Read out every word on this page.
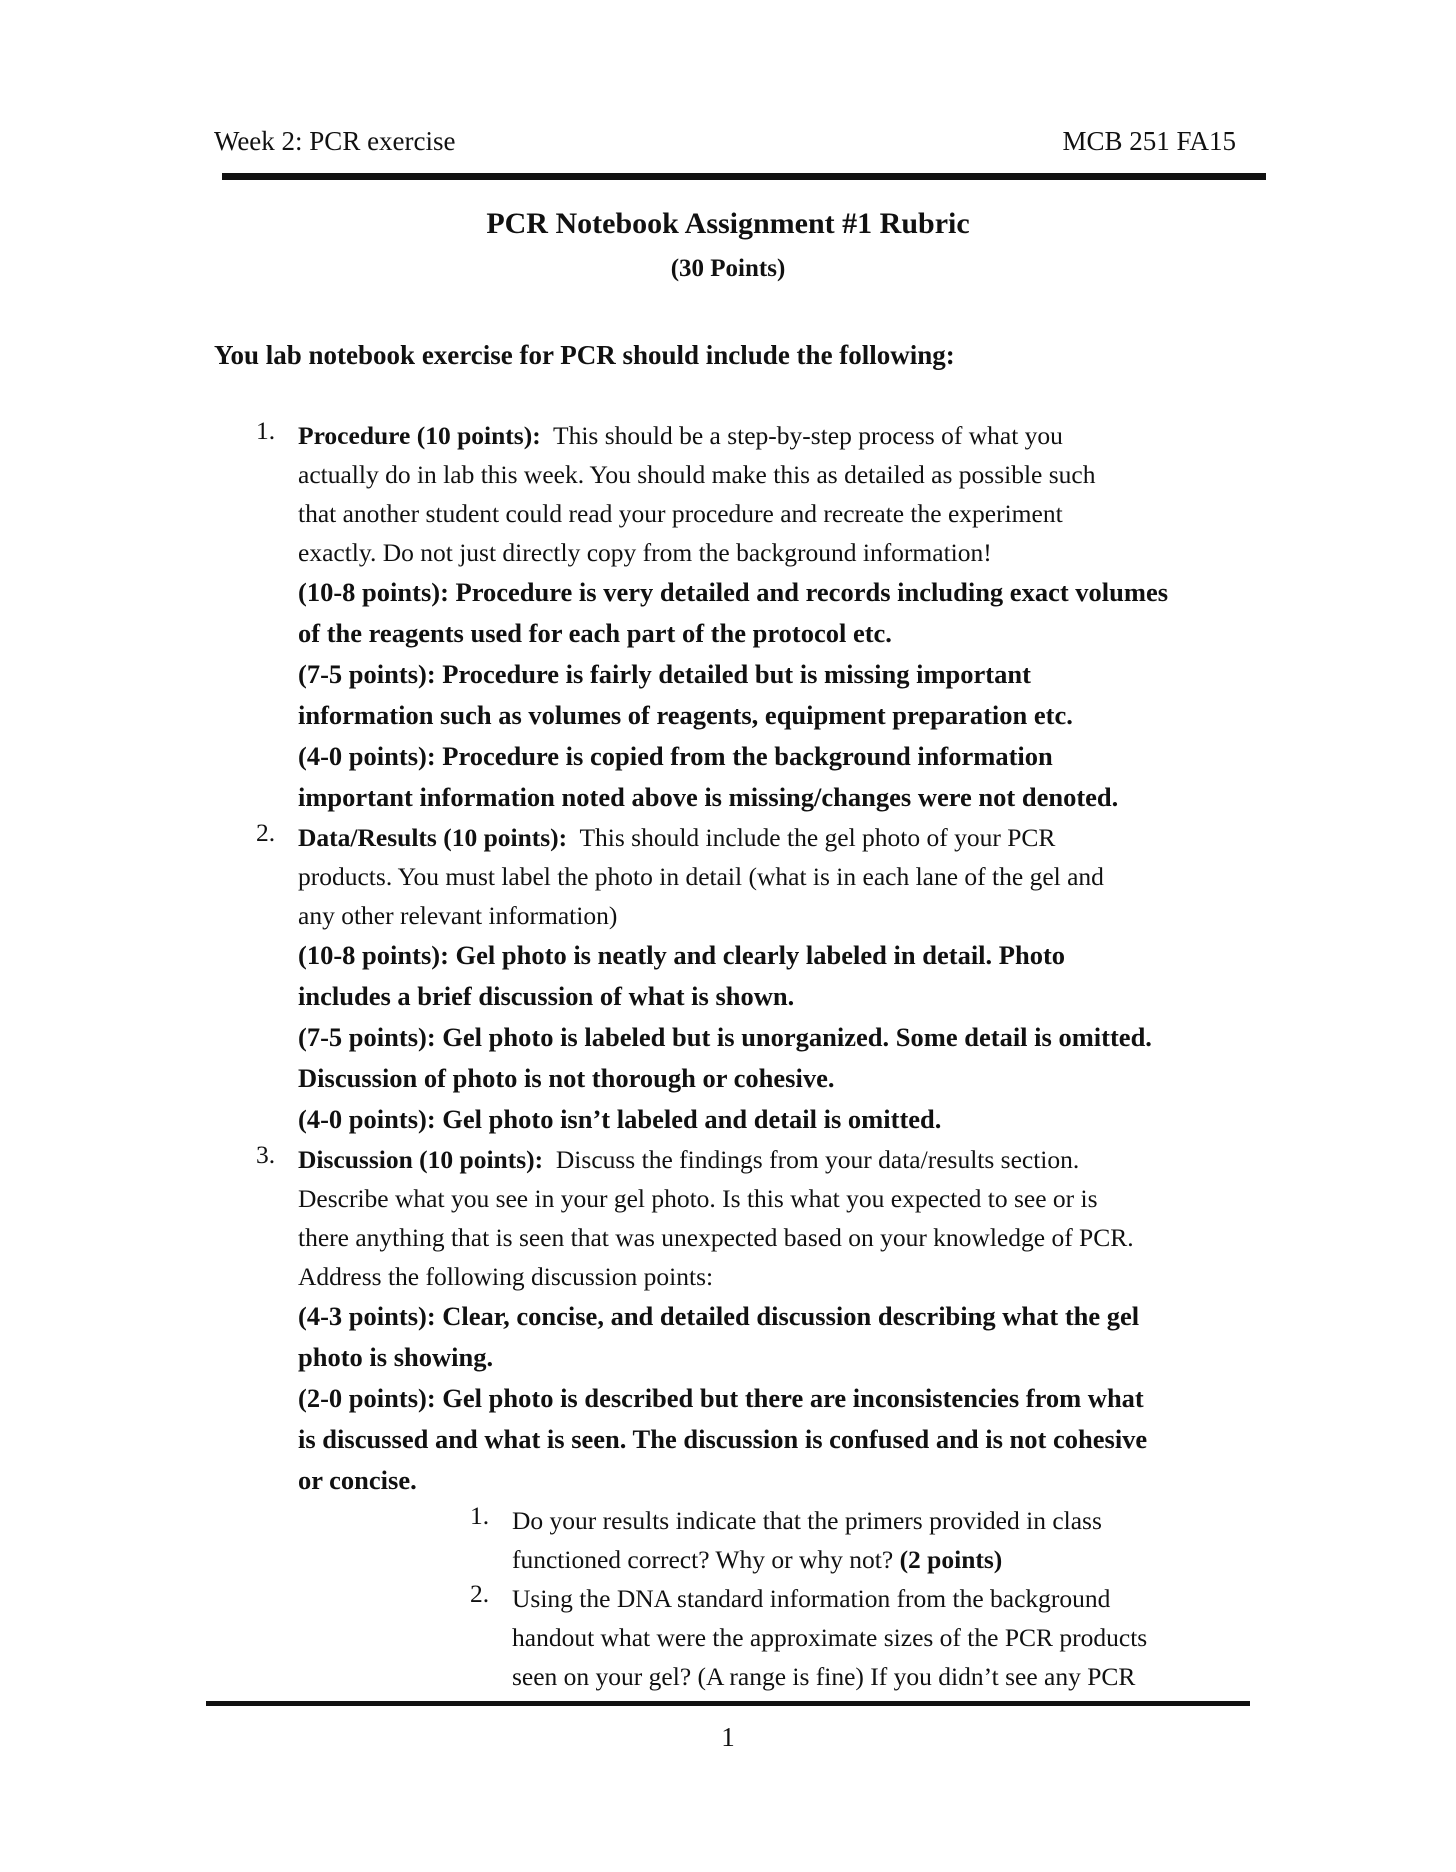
Week 2: PCR exercise	MCB 251 FA15
PCR Notebook Assignment #1 Rubric
(30 Points)
You lab notebook exercise for PCR should include the following:
1. Procedure (10 points): This should be a step-by-step process of what you
actually do in lab this week. You should make this as detailed as possible such
that another student could read your procedure and recreate the experiment
exactly. Do not just directly copy from the background information!
(10-8 points): Procedure is very detailed and records including exact volumes
of the reagents used for each part of the protocol etc.
(7-5 points): Procedure is fairly detailed but is missing important
information such as volumes of reagents, equipment preparation etc.
(4-0 points): Procedure is copied from the background information
important information noted above is missing/changes were not denoted.
2. Data/Results (10 points): This should include the gel photo of your PCR
products. You must label the photo in detail (what is in each lane of the gel and
any other relevant information)
(10-8 points): Gel photo is neatly and clearly labeled in detail. Photo
includes a brief discussion of what is shown.
(7-5 points): Gel photo is labeled but is unorganized. Some detail is omitted.
Discussion of photo is not thorough or cohesive.
(4-0 points): Gel photo isn’t labeled and detail is omitted.
3. Discussion (10 points): Discuss the findings from your data/results section.
Describe what you see in your gel photo. Is this what you expected to see or is
there anything that is seen that was unexpected based on your knowledge of PCR.
Address the following discussion points:
(4-3 points): Clear, concise, and detailed discussion describing what the gel
photo is showing.
(2-0 points): Gel photo is described but there are inconsistencies from what
is discussed and what is seen. The discussion is confused and is not cohesive
or concise.
1. Do your results indicate that the primers provided in class
functioned correct? Why or why not? (2 points)
2. Using the DNA standard information from the background
handout what were the approximate sizes of the PCR products
seen on your gel? (A range is fine) If you didn’t see any PCR
1
